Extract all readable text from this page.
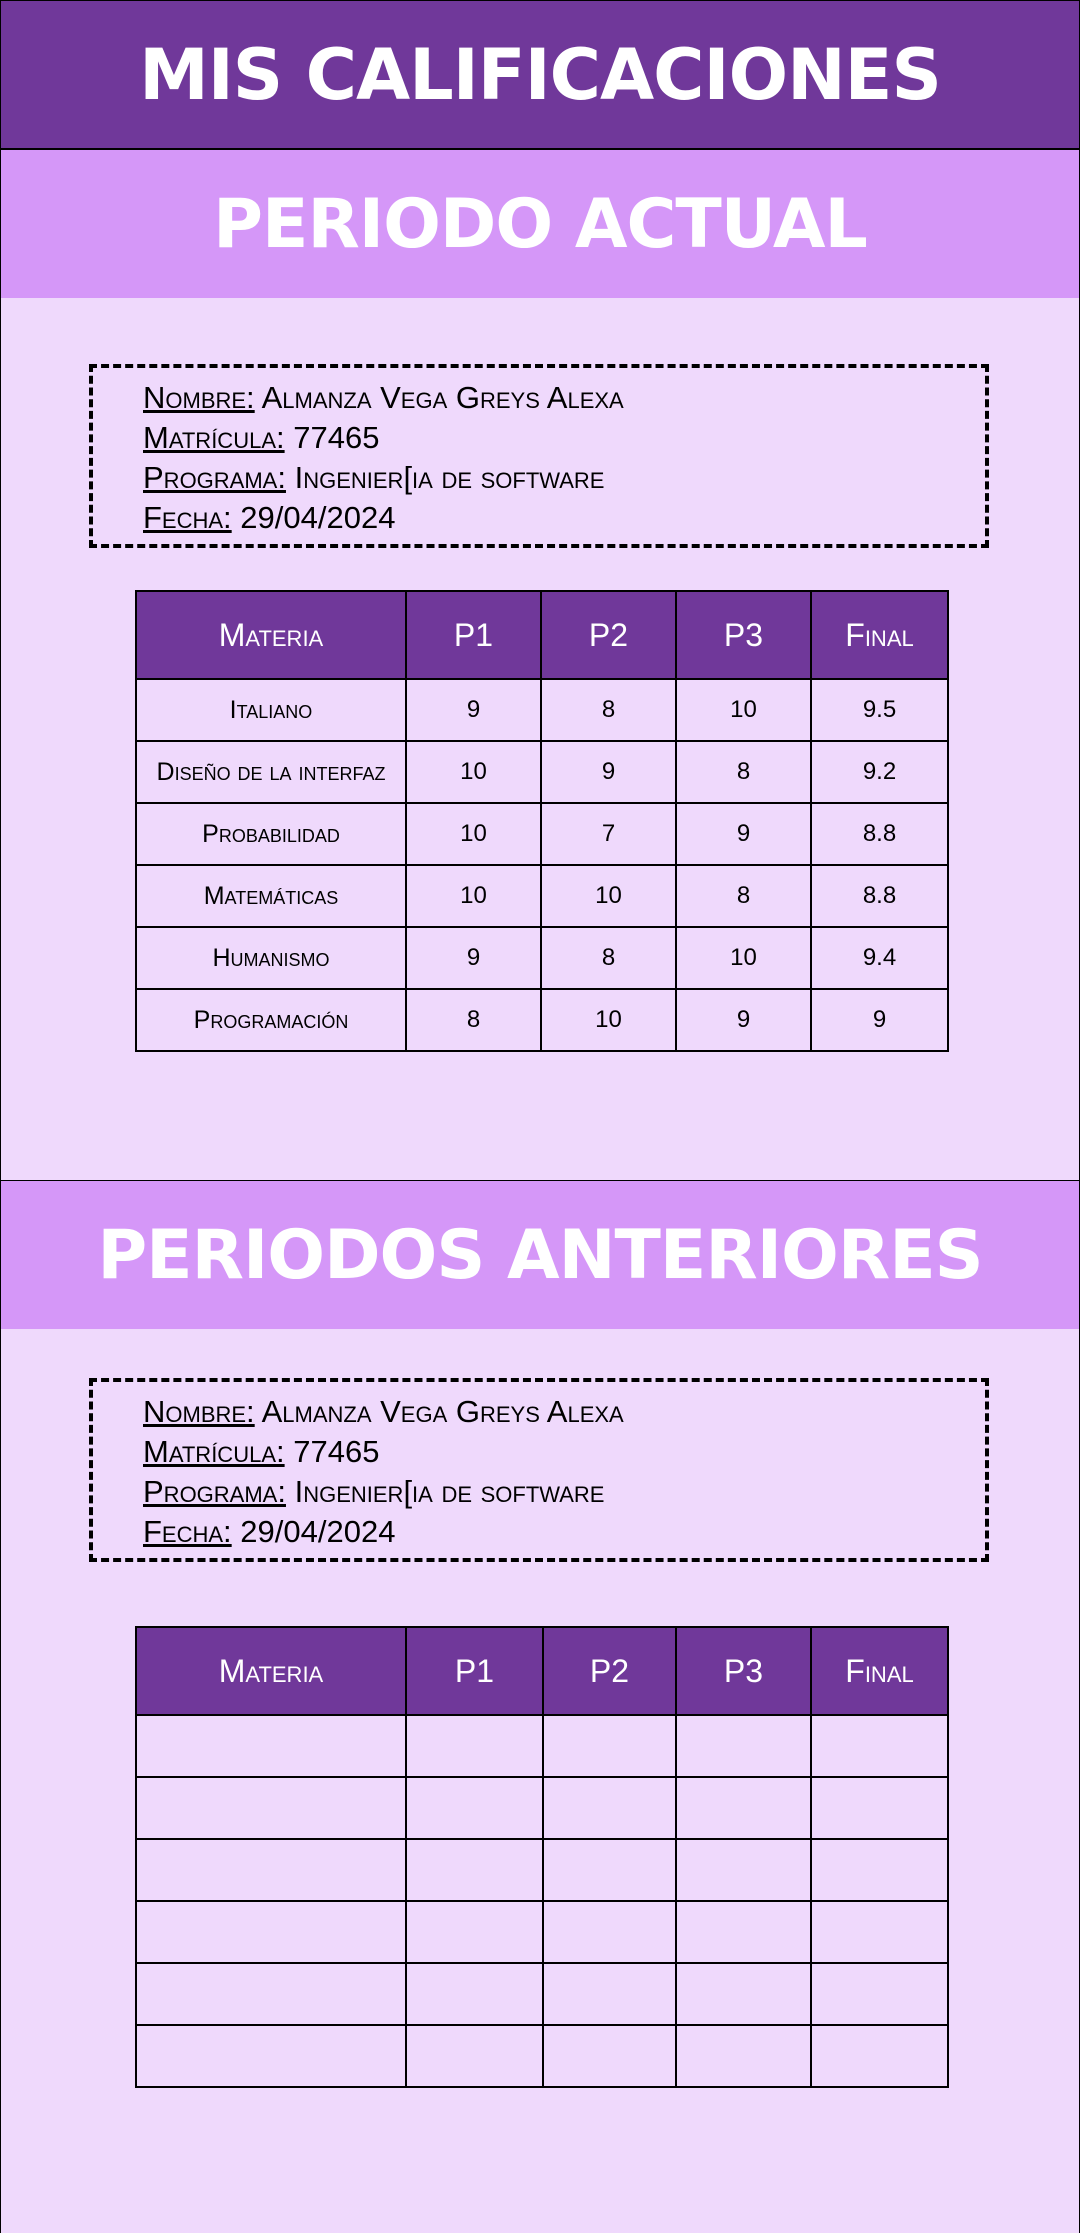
MIS CALIFICACIONES
PERIODO ACTUAL
Nombre: Almanza Vega Greys Alexa
Matrícula: 77465
Programa: Ingenier[ia de software
Fecha: 29/04/2024
Materia	P1	P2	P3	Final
Italiano	9	8	10	9.5
Diseño de la interfaz	10	9	8	9.2
Probabilidad	10	7	9	8.8
Matemáticas	10	10	8	8.8
Humanismo	9	8	10	9.4
Programación	8	10	9	9
PERIODOS ANTERIORES
Nombre: Almanza Vega Greys Alexa
Matrícula: 77465
Programa: Ingenier[ia de software
Fecha: 29/04/2024
Materia	P1	P2	P3	Final
